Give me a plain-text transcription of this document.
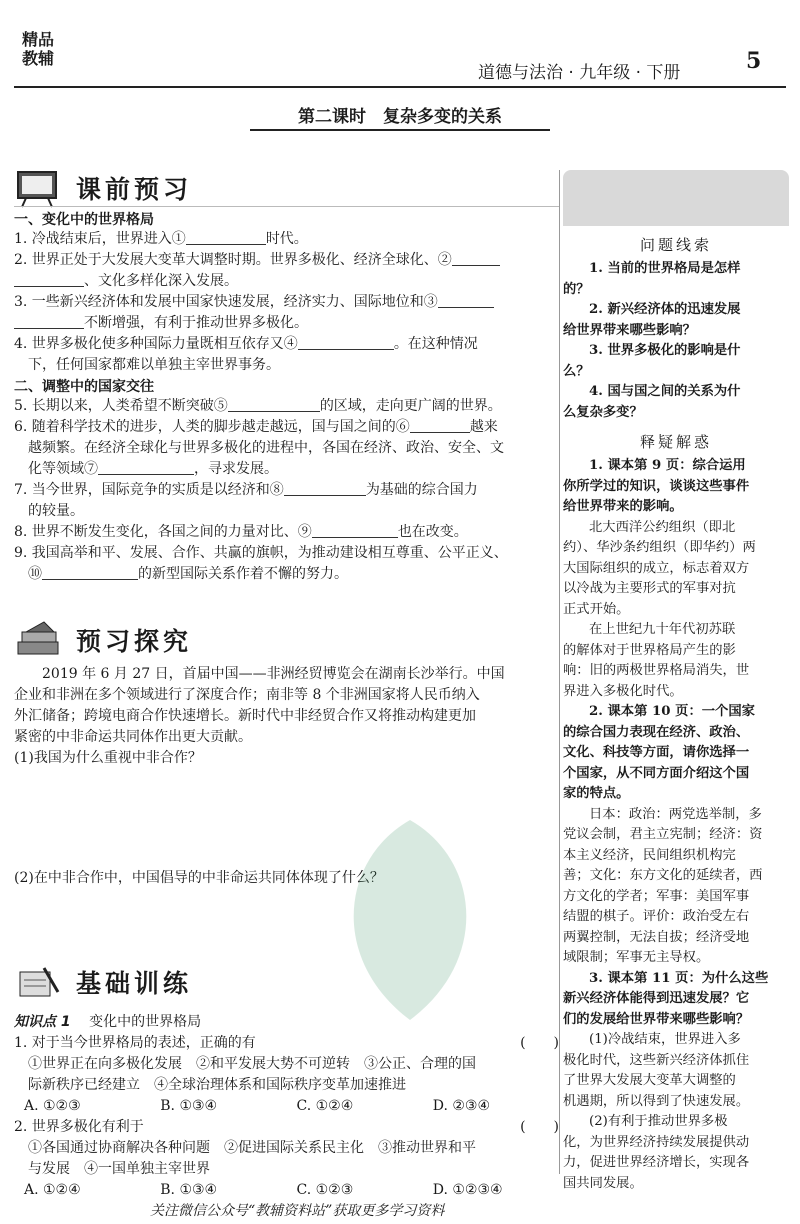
精品
教辅
道德与法治 · 九年级 · 下册	5
第二课时　复杂多变的关系
课前预习
一、变化中的世界格局

1. 冷战结束后，世界进入①	时代。

2. 世界正处于大发展大变革大调整时期。世界多极化、经济全球化、②

、文化多样化深入发展。

3. 一些新兴经济体和发展中国家快速发展，经济实力、国际地位和③

不断增强，有利于推动世界多极化。

4. 世界多极化使多种国际力量既相互依存又④	。在这种情况

　下，任何国家都难以单独主宰世界事务。

二、调整中的国家交往

5. 长期以来，人类希望不断突破⑤	的区域，走向更广阔的世界。

6. 随着科学技术的进步，人类的脚步越走越远，国与国之间的⑥	越来

　越频繁。在经济全球化与世界多极化的进程中，各国在经济、政治、安全、文

　化等领域⑦	，寻求发展。

7. 当今世界，国际竞争的实质是以经济和⑧	为基础的综合国力

　的较量。

8. 世界不断发生变化，各国之间的力量对比、⑨	也在改变。

9. 我国高举和平、发展、合作、共赢的旗帜，为推动建设相互尊重、公平正义、

　⑩	的新型国际关系作着不懈的努力。

预习探究

　　2019 年 6 月 27 日，首届中国——非洲经贸博览会在湖南长沙举行。中国

企业和非洲在多个领域进行了深度合作；南非等 8 个非洲国家将人民币纳入

外汇储备；跨境电商合作快速增长。新时代中非经贸合作又将推动构建更加

紧密的中非命运共同体作出更大贡献。

(1)我国为什么重视中非合作？

(2)在中非合作中，中国倡导的中非命运共同体体现了什么？

基础训练
知识点 1 变化中的世界格局

1. 对于当今世界格局的表述，正确的有	(　　)

　①世界正在向多极化发展　②和平发展大势不可逆转　③公正、合理的国

　际新秩序已经建立　④全球治理体系和国际秩序变革加速推进

A. ①②③	B. ①③④	C. ①②④	D. ②③④

2. 世界多极化有利于	(　　)

　①各国通过协商解决各种问题　②促进国际关系民主化　③推动世界和平

　与发展　④一国单独主宰世界

A. ①②④	B. ①③④	C. ①②③	D. ①②③④

问题线索

1. 当前的世界格局是怎样

的？

2. 新兴经济体的迅速发展

给世界带来哪些影响？

3. 世界多极化的影响是什

么？

4. 国与国之间的关系为什

么复杂多变？

释疑解惑

1. 课本第 9 页：综合运用

你所学过的知识，谈谈这些事件

给世界带来的影响。

北大西洋公约组织（即北

约）、华沙条约组织（即华约）两

大国际组织的成立，标志着双方

以冷战为主要形式的军事对抗

正式开始。

在上世纪九十年代初苏联

的解体对于世界格局产生的影

响：旧的两极世界格局消失，世

界进入多极化时代。

2. 课本第 10 页：一个国家

的综合国力表现在经济、政治、

文化、科技等方面，请你选择一

个国家，从不同方面介绍这个国

家的特点。

日本：政治：两党选举制，多

党议会制，君主立宪制；经济：资

本主义经济，民间组织机构完

善；文化：东方文化的延续者，西

方文化的学者；军事：美国军事

结盟的棋子。评价：政治受左右

两翼控制，无法自拔；经济受地

域限制；军事无主导权。

3. 课本第 11 页：为什么这些

新兴经济体能得到迅速发展？它

们的发展给世界带来哪些影响？

(1)冷战结束，世界进入多

极化时代，这些新兴经济体抓住

了世界大发展大变革大调整的

机遇期，所以得到了快速发展。

(2)有利于推动世界多极

化，为世界经济持续发展提供动

力，促进世界经济增长，实现各

国共同发展。

关注微信公众号“教辅资料站”获取更多学习资料
